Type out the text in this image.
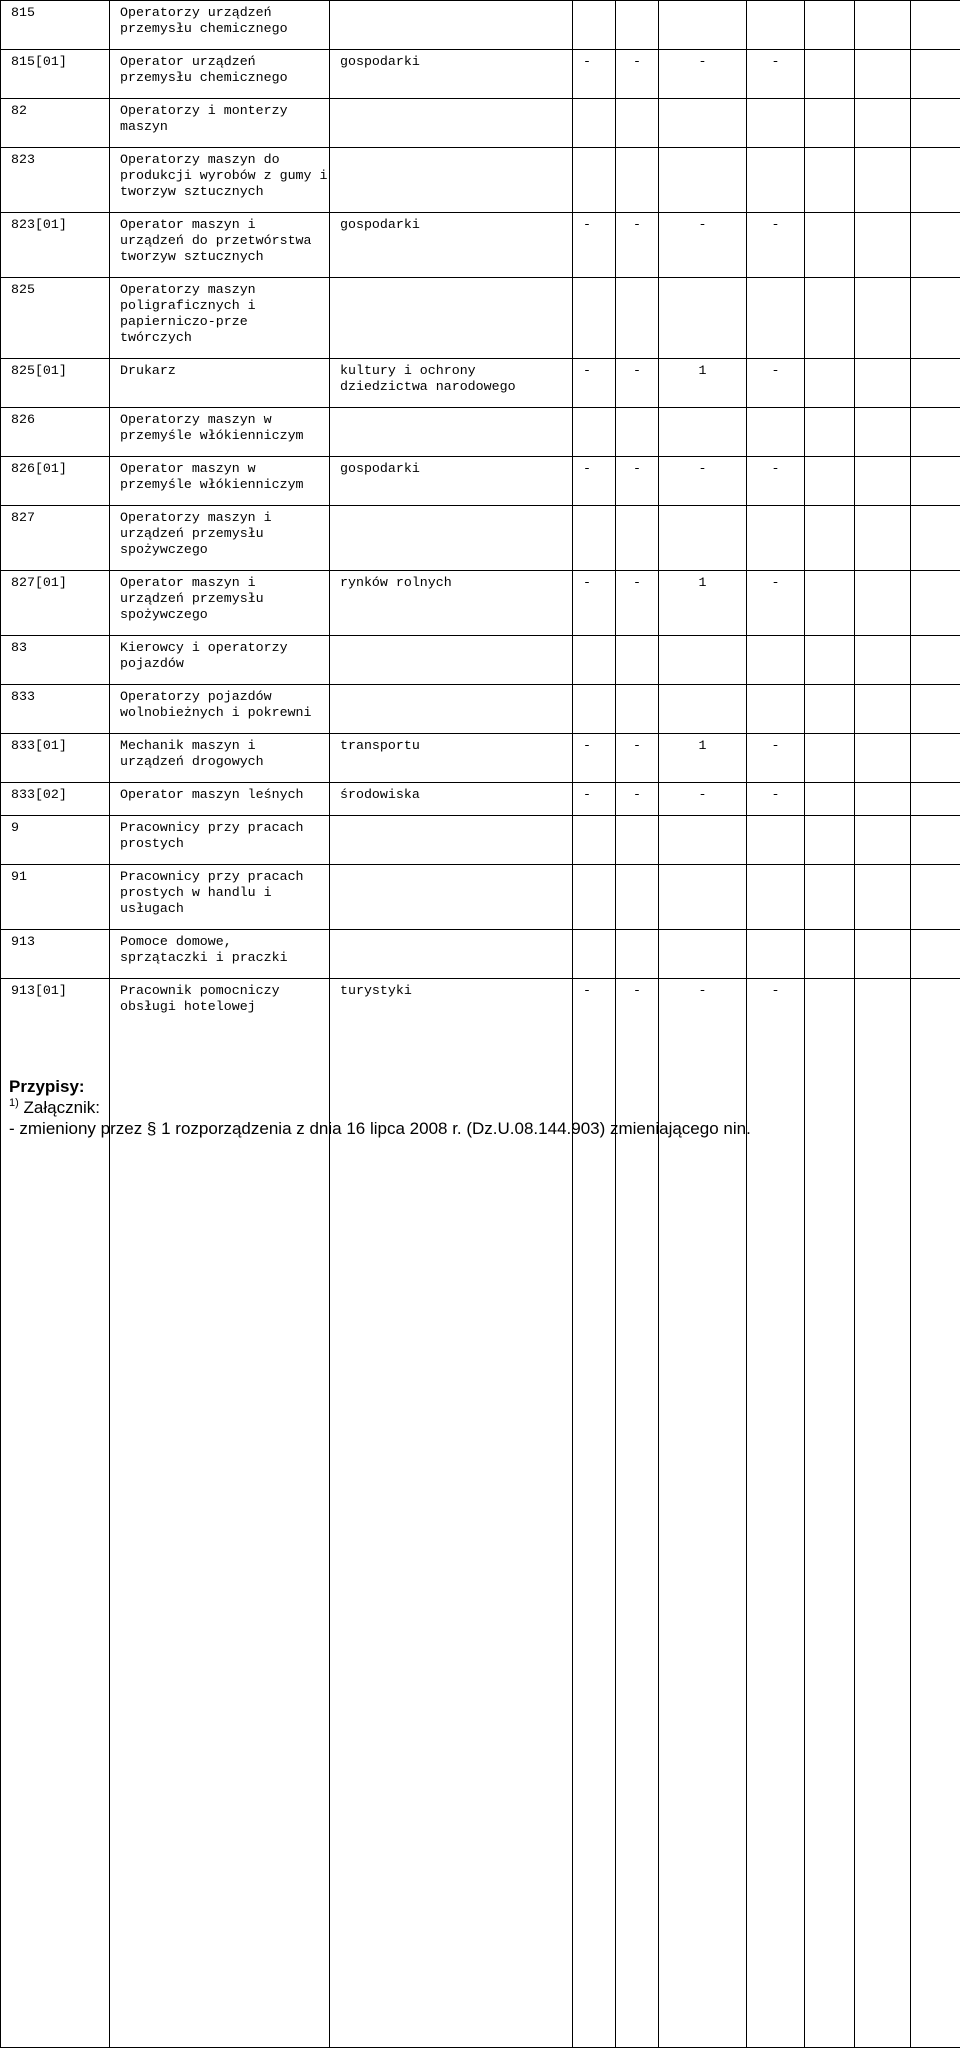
815	Operatorzy urządzeń
przemysłu chemicznego								
815[01]	Operator urządzeń
przemysłu chemicznego	gospodarki	-	-	-	-			
82	Operatorzy i monterzy
maszyn								
823	Operatorzy maszyn do
produkcji wyrobów z gumy i
tworzyw sztucznych								
823[01]	Operator maszyn i
urządzeń do przetwórstwa
tworzyw sztucznych	gospodarki	-	-	-	-			
825	Operatorzy maszyn
poligraficznych i
papierniczo-prze
twórczych								
825[01]	Drukarz	kultury i ochrony
dziedzictwa narodowego	-	-	1	-			
826	Operatorzy maszyn w
przemyśle włókienniczym								
826[01]	Operator maszyn w
przemyśle włókienniczym	gospodarki	-	-	-	-			
827	Operatorzy maszyn i
urządzeń przemysłu
spożywczego								
827[01]	Operator maszyn i
urządzeń przemysłu
spożywczego	rynków rolnych	-	-	1	-			
83	Kierowcy i operatorzy
pojazdów								
833	Operatorzy pojazdów
wolnobieżnych i pokrewni								
833[01]	Mechanik maszyn i
urządzeń drogowych	transportu	-	-	1	-			
833[02]	Operator maszyn leśnych	środowiska	-	-	-	-			
9	Pracownicy przy pracach
prostych								
91	Pracownicy przy pracach
prostych w handlu i
usługach								
913	Pomoce domowe,
sprzątaczki i praczki								
913[01]	Pracownik pomocniczy
obsługi hotelowej	turystyki	-	-	-	-			
Przypisy:
$^{1)}$ Załącznik:
- zmieniony przez § 1 rozporządzenia z dnia 16 lipca 2008 r. (Dz.U.08.144.903) zmieniającego nin.
